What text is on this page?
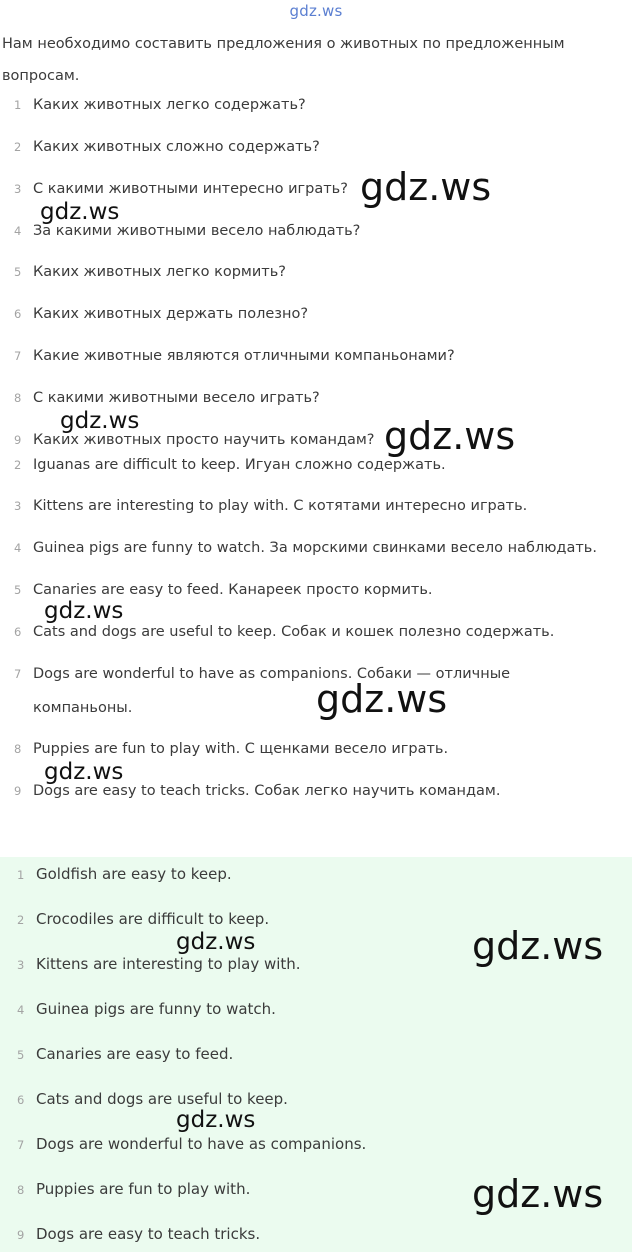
gdz.ws
Нам необходимо составить предложения о животных по предложенным вопросам.
1 Каких животных легко содержать?
2 Каких животных сложно содержать?
3 С какими животными интересно играть?
4 За какими животными весело наблюдать?
5 Каких животных легко кормить?
6 Каких животных держать полезно?
7 Какие животные являются отличными компаньонами?
8 С какими животными весело играть?
9 Каких животных просто научить командам?
2 Iguanas are difficult to keep. Игуан сложно содержать.
3 Kittens are interesting to play with. С котятами интересно играть.
4 Guinea pigs are funny to watch. За морскими свинками весело наблюдать.
5 Canaries are easy to feed. Канареек просто кормить.
6 Cats and dogs are useful to keep. Собак и кошек полезно содержать.
7 Dogs are wonderful to have as companions. Собаки — отличные компаньоны.
8 Puppies are fun to play with. С щенками весело играть.
9 Dogs are easy to teach tricks. Собак легко научить командам.
1 Goldfish are easy to keep.
2 Crocodiles are difficult to keep.
3 Kittens are interesting to play with.
4 Guinea pigs are funny to watch.
5 Canaries are easy to feed.
6 Cats and dogs are useful to keep.
7 Dogs are wonderful to have as companions.
8 Puppies are fun to play with.
9 Dogs are easy to teach tricks.
gdz.ws
gdz.ws
gdz.ws	gdz.ws
gdz.ws
gdz.ws
gdz.ws
gdz.ws	gdz.ws
gdz.ws
gdz.ws
